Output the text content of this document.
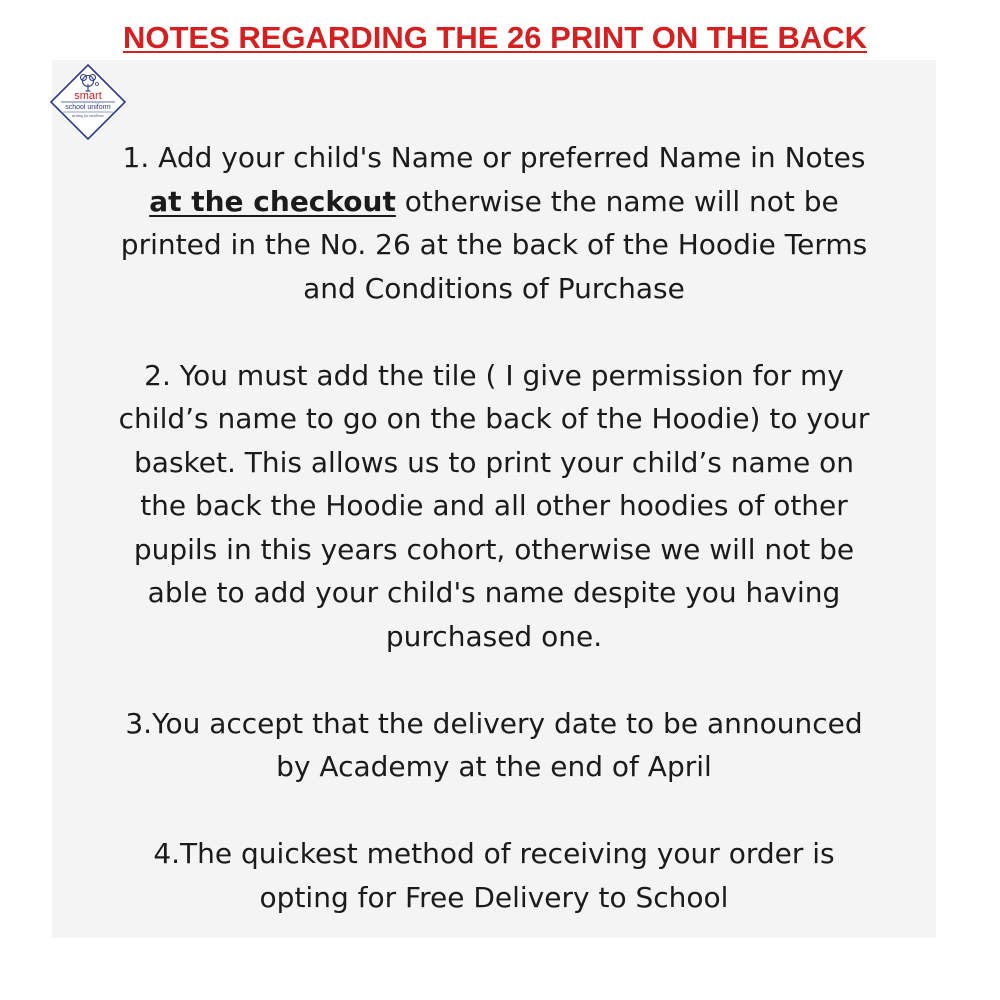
NOTES REGARDING THE 26 PRINT ON THE BACK
smart
school uniform
striving for excellence
1. Add your child's Name or preferred Name in Notes
at the checkout otherwise the name will not be
printed in the No. 26 at the back of the Hoodie Terms
and Conditions of Purchase
2. You must add the tile ( I give permission for my
child’s name to go on the back of the Hoodie) to your
basket. This allows us to print your child’s name on
the back the Hoodie and all other hoodies of other
pupils in this years cohort, otherwise we will not be
able to add your child's name despite you having
purchased one.
3.You accept that the delivery date to be announced
by Academy at the end of April
4.The quickest method of receiving your order is
opting for Free Delivery to School
